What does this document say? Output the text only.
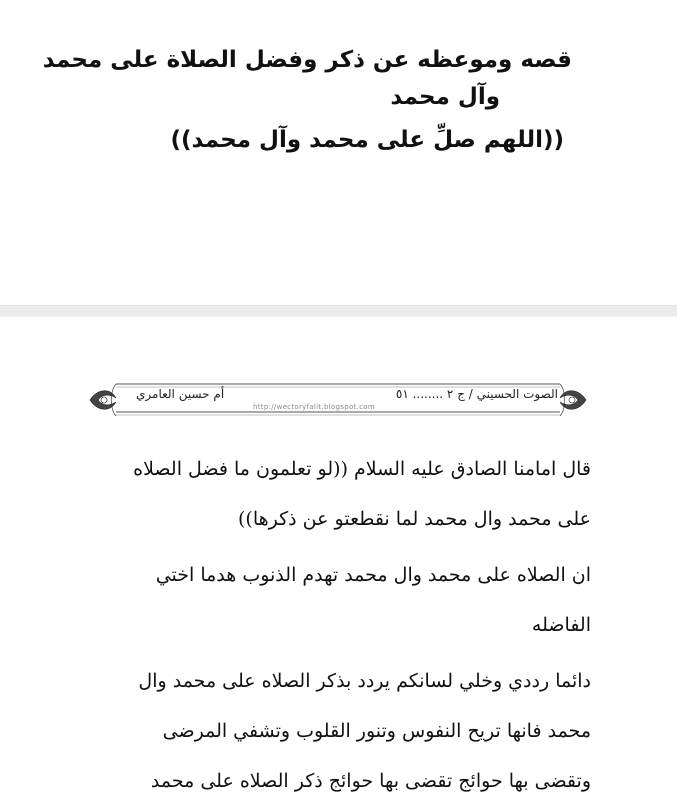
قصه وموعظه عن ذكر وفضل الصلاة على محمد
وآل محمد
((اللهم صلِّ على محمد وآل محمد))
الصوت الحسيني / ج ٢ ........ ٥١
أم حسين العامري
http://wectoryfalit.blogspot.com
قال امامنا الصادق عليه السلام ((لو تعلمون ما فضل الصلاه
على محمد وال محمد لما نقطعتو عن ذكرها))
ان الصلاه على محمد وال محمد تهدم الذنوب هدما اختي
الفاضله
دائما رددي وخلي لسانكم يردد بذكر الصلاه على محمد وال
محمد فانها تريح النفوس وتنور القلوب وتشفي المرضى
وتقضى بها حوائج تقضى بها حوائج ذكر الصلاه على محمد
